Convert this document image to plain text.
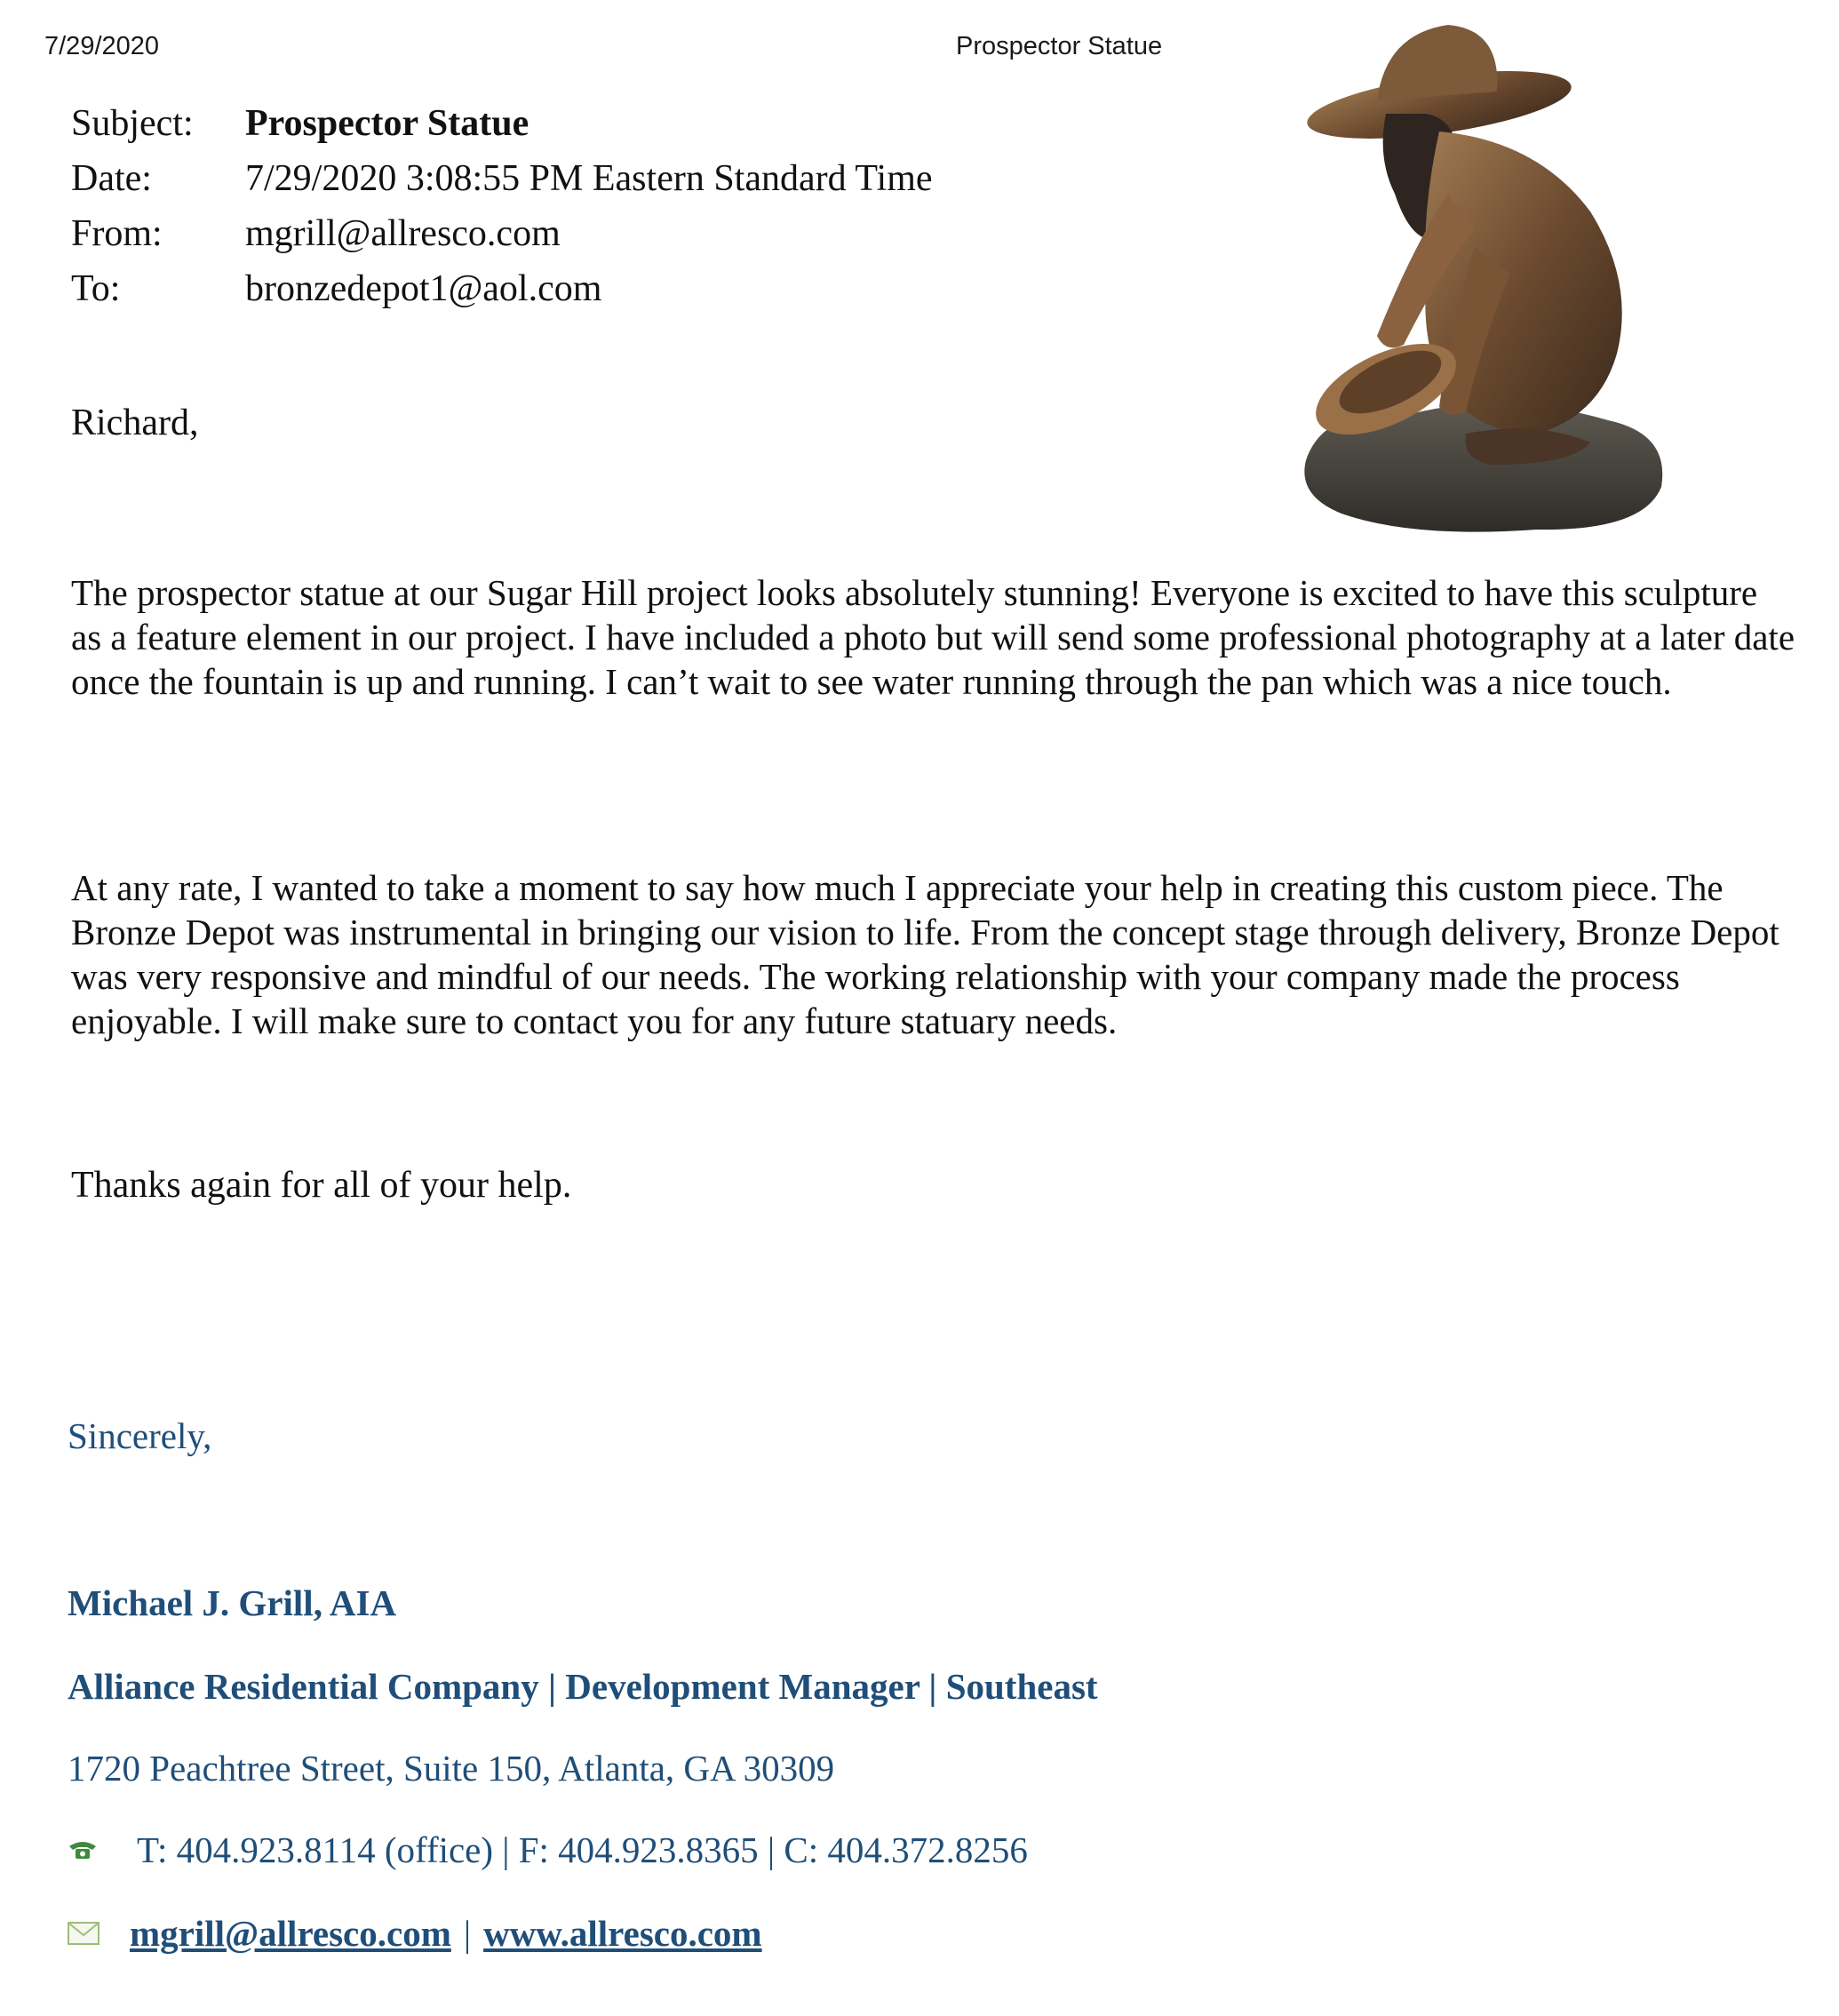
7/29/2020	Prospector Statue
Subject:	Prospector Statue
Date:	7/29/2020 3:08:55 PM Eastern Standard Time
From:	mgrill@allresco.com
To:	bronzedepot1@aol.com
Richard,

The prospector statue at our Sugar Hill project looks absolutely stunning! Everyone is excited to have this sculpture as a feature element in our project. I have included a photo but will send some professional photography at a later date once the fountain is up and running. I can’t wait to see water running through the pan which was a nice touch.

At any rate, I wanted to take a moment to say how much I appreciate your help in creating this custom piece. The Bronze Depot was instrumental in bringing our vision to life. From the concept stage through delivery, Bronze Depot was very responsive and mindful of our needs. The working relationship with your company made the process enjoyable. I will make sure to contact you for any future statuary needs.

Thanks again for all of your help.
Sincerely,
Michael J. Grill, AIA
Alliance Residential Company | Development Manager | Southeast
1720 Peachtree Street, Suite 150, Atlanta, GA 30309
T: 404.923.8114 (office) | F: 404.923.8365 | C: 404.372.8256
mgrill@allresco.com | www.allresco.com
